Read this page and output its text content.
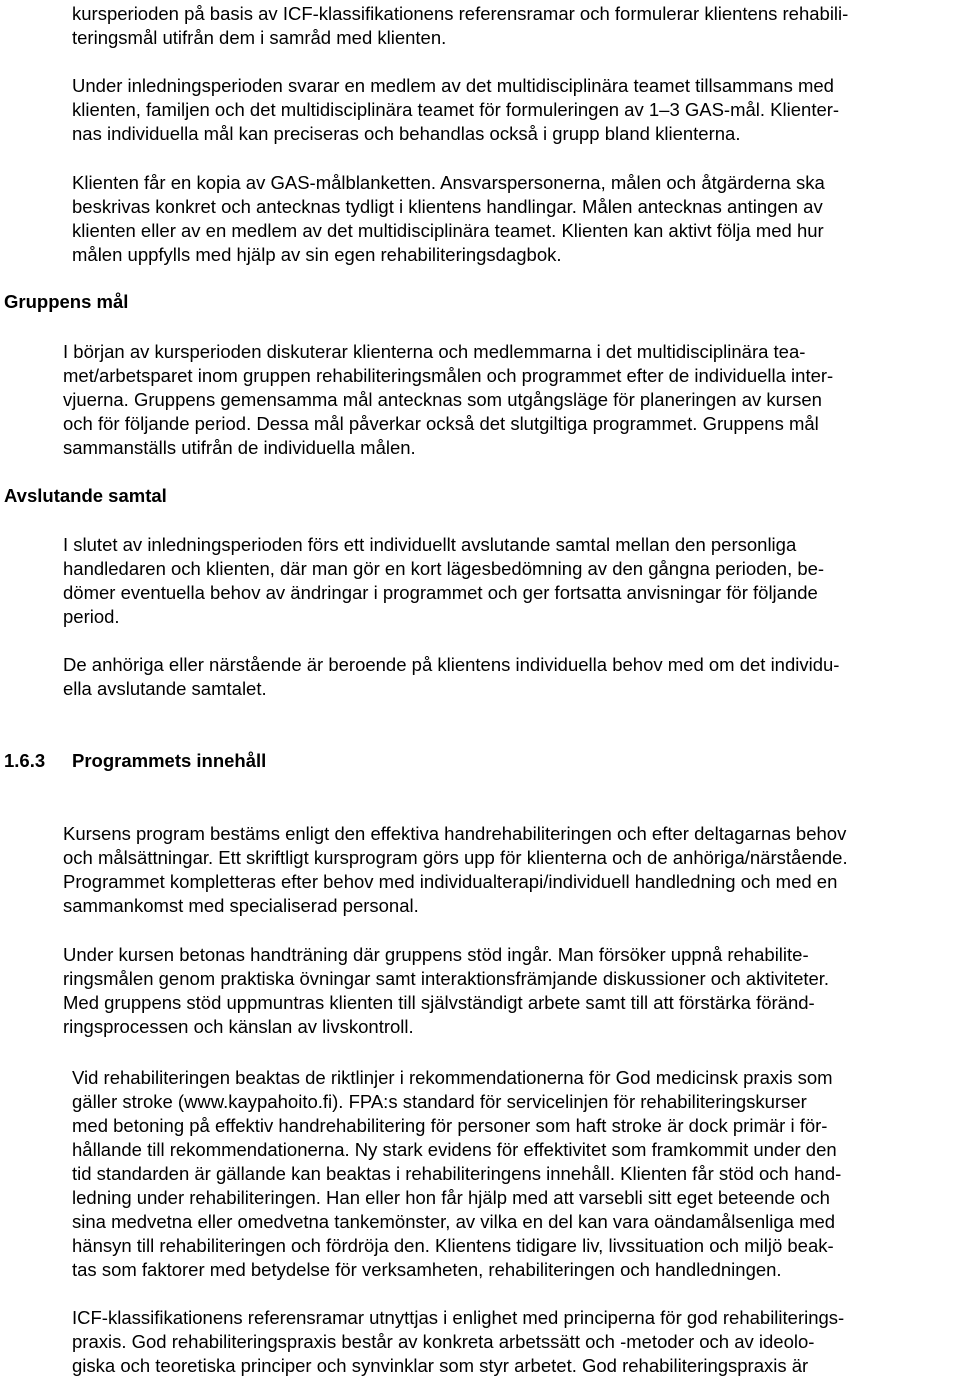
kursperioden på basis av ICF-klassifikationens referensramar och formulerar klientens rehabili-
teringsmål utifrån dem i samråd med klienten.
Under inledningsperioden svarar en medlem av det multidisciplinära teamet tillsammans med
klienten, familjen och det multidisciplinära teamet för formuleringen av 1–3 GAS-mål. Klienter-
nas individuella mål kan preciseras och behandlas också i grupp bland klienterna.
Klienten får en kopia av GAS-målblanketten. Ansvarspersonerna, målen och åtgärderna ska
beskrivas konkret och antecknas tydligt i klientens handlingar. Målen antecknas antingen av
klienten eller av en medlem av det multidisciplinära teamet. Klienten kan aktivt följa med hur
målen uppfylls med hjälp av sin egen rehabiliteringsdagbok.
Gruppens mål
I början av kursperioden diskuterar klienterna och medlemmarna i det multidisciplinära tea-
met/arbetsparet inom gruppen rehabiliteringsmålen och programmet efter de individuella inter-
vjuerna. Gruppens gemensamma mål antecknas som utgångsläge för planeringen av kursen
och för följande period. Dessa mål påverkar också det slutgiltiga programmet. Gruppens mål
sammanställs utifrån de individuella målen.
Avslutande samtal
I slutet av inledningsperioden förs ett individuellt avslutande samtal mellan den personliga
handledaren och klienten, där man gör en kort lägesbedömning av den gångna perioden, be-
dömer eventuella behov av ändringar i programmet och ger fortsatta anvisningar för följande
period.
De anhöriga eller närstående är beroende på klientens individuella behov med om det individu-
ella avslutande samtalet.
1.6.3 Programmets innehåll
Kursens program bestäms enligt den effektiva handrehabiliteringen och efter deltagarnas behov
och målsättningar. Ett skriftligt kursprogram görs upp för klienterna och de anhöriga/närstående.
Programmet kompletteras efter behov med individualterapi/individuell handledning och med en
sammankomst med specialiserad personal.
Under kursen betonas handträning där gruppens stöd ingår. Man försöker uppnå rehabilite-
ringsmålen genom praktiska övningar samt interaktionsfrämjande diskussioner och aktiviteter.
Med gruppens stöd uppmuntras klienten till självständigt arbete samt till att förstärka föränd-
ringsprocessen och känslan av livskontroll.
Vid rehabiliteringen beaktas de riktlinjer i rekommendationerna för God medicinsk praxis som
gäller stroke (www.kaypahoito.fi). FPA:s standard för servicelinjen för rehabiliteringskurser
med betoning på effektiv handrehabilitering för personer som haft stroke är dock primär i för-
hållande till rekommendationerna. Ny stark evidens för effektivitet som framkommit under den
tid standarden är gällande kan beaktas i rehabiliteringens innehåll. Klienten får stöd och hand-
ledning under rehabiliteringen. Han eller hon får hjälp med att varsebli sitt eget beteende och
sina medvetna eller omedvetna tankemönster, av vilka en del kan vara oändamålsenliga med
hänsyn till rehabiliteringen och fördröja den. Klientens tidigare liv, livssituation och miljö beak-
tas som faktorer med betydelse för verksamheten, rehabiliteringen och handledningen.
ICF-klassifikationens referensramar utnyttjas i enlighet med principerna för god rehabiliterings-
praxis. God rehabiliteringspraxis består av konkreta arbetssätt och -metoder och av ideolo-
giska och teoretiska principer och synvinklar som styr arbetet. God rehabiliteringspraxis är
